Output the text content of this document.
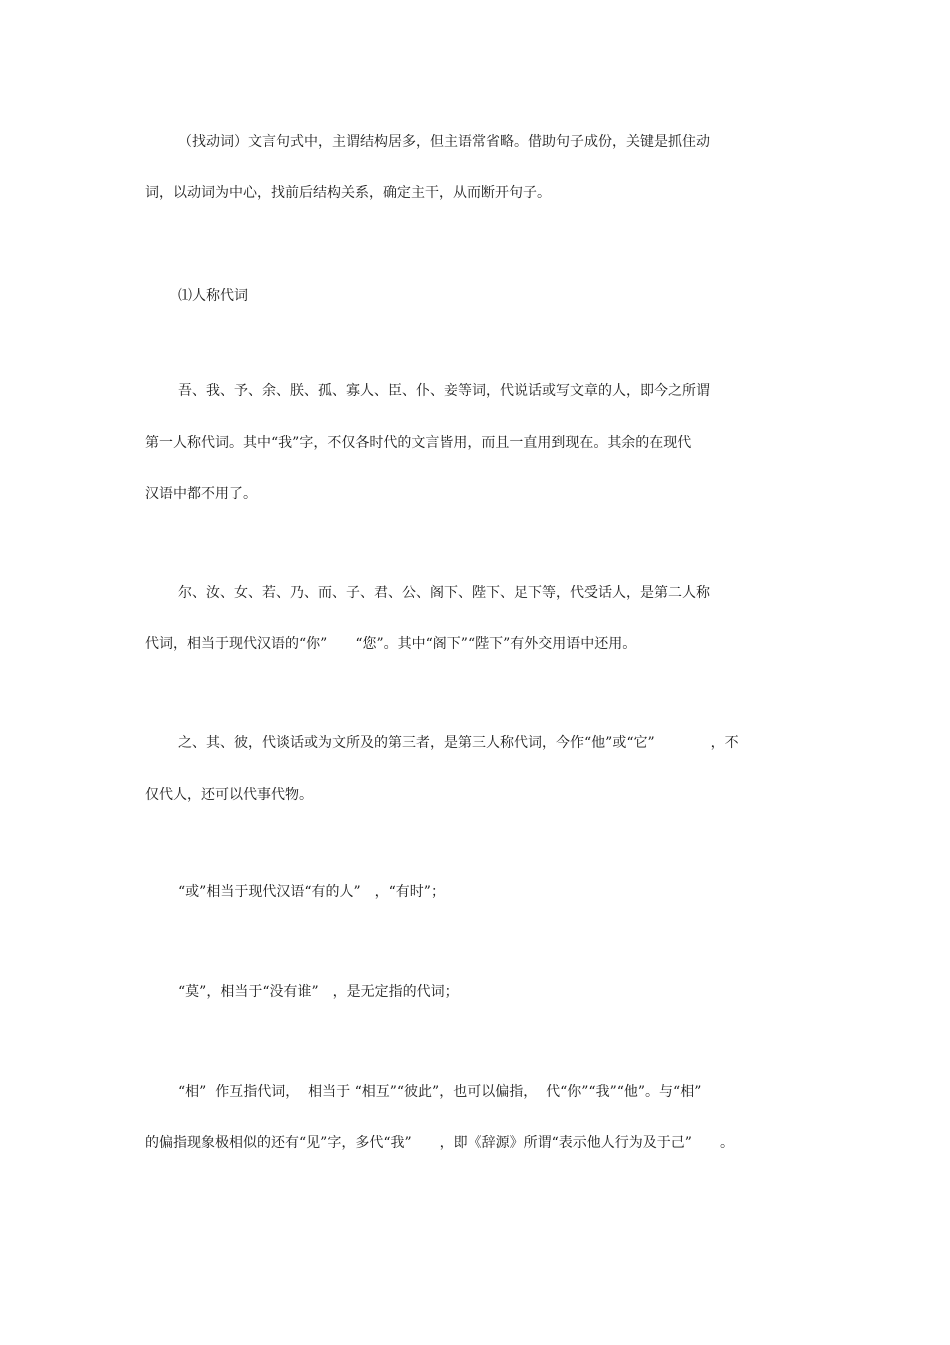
（找动词）文言句式中，主谓结构居多，但主语常省略。借助句子成份，关键是抓住动

词，以动词为中心，找前后结构关系，确定主干，从而断开句子。

⑴人称代词

吾、我、予、余、朕、孤、寡人、臣、仆、妾等词，代说话或写文章的人，即今之所谓

第一人称代词。其中“我”字，不仅各时代的文言皆用，而且一直用到现在。其余的在现代

汉语中都不用了。

尔、汝、女、若、乃、而、子、君、公、阁下、陛下、足下等，代受话人，是第二人称

代词，相当于现代汉语的“你”　　“您”。其中“阁下”“陛下”有外交用语中还用。

之、其、彼，代谈话或为文所及的第三者，是第三人称代词，今作“他”或“它”　　　　，不

仅代人，还可以代事代物。

“或”相当于现代汉语“有的人”　，“有时”；

“莫”，相当于“没有谁”　，是无定指的代词；

“相”  作互指代词，  相当于 “相互”“彼此”，也可以偏指，  代“你”“我”“他”。与“相”

的偏指现象极相似的还有“见”字，多代“我”　　，即《辞源》所谓“表示他人行为及于己”　　。
